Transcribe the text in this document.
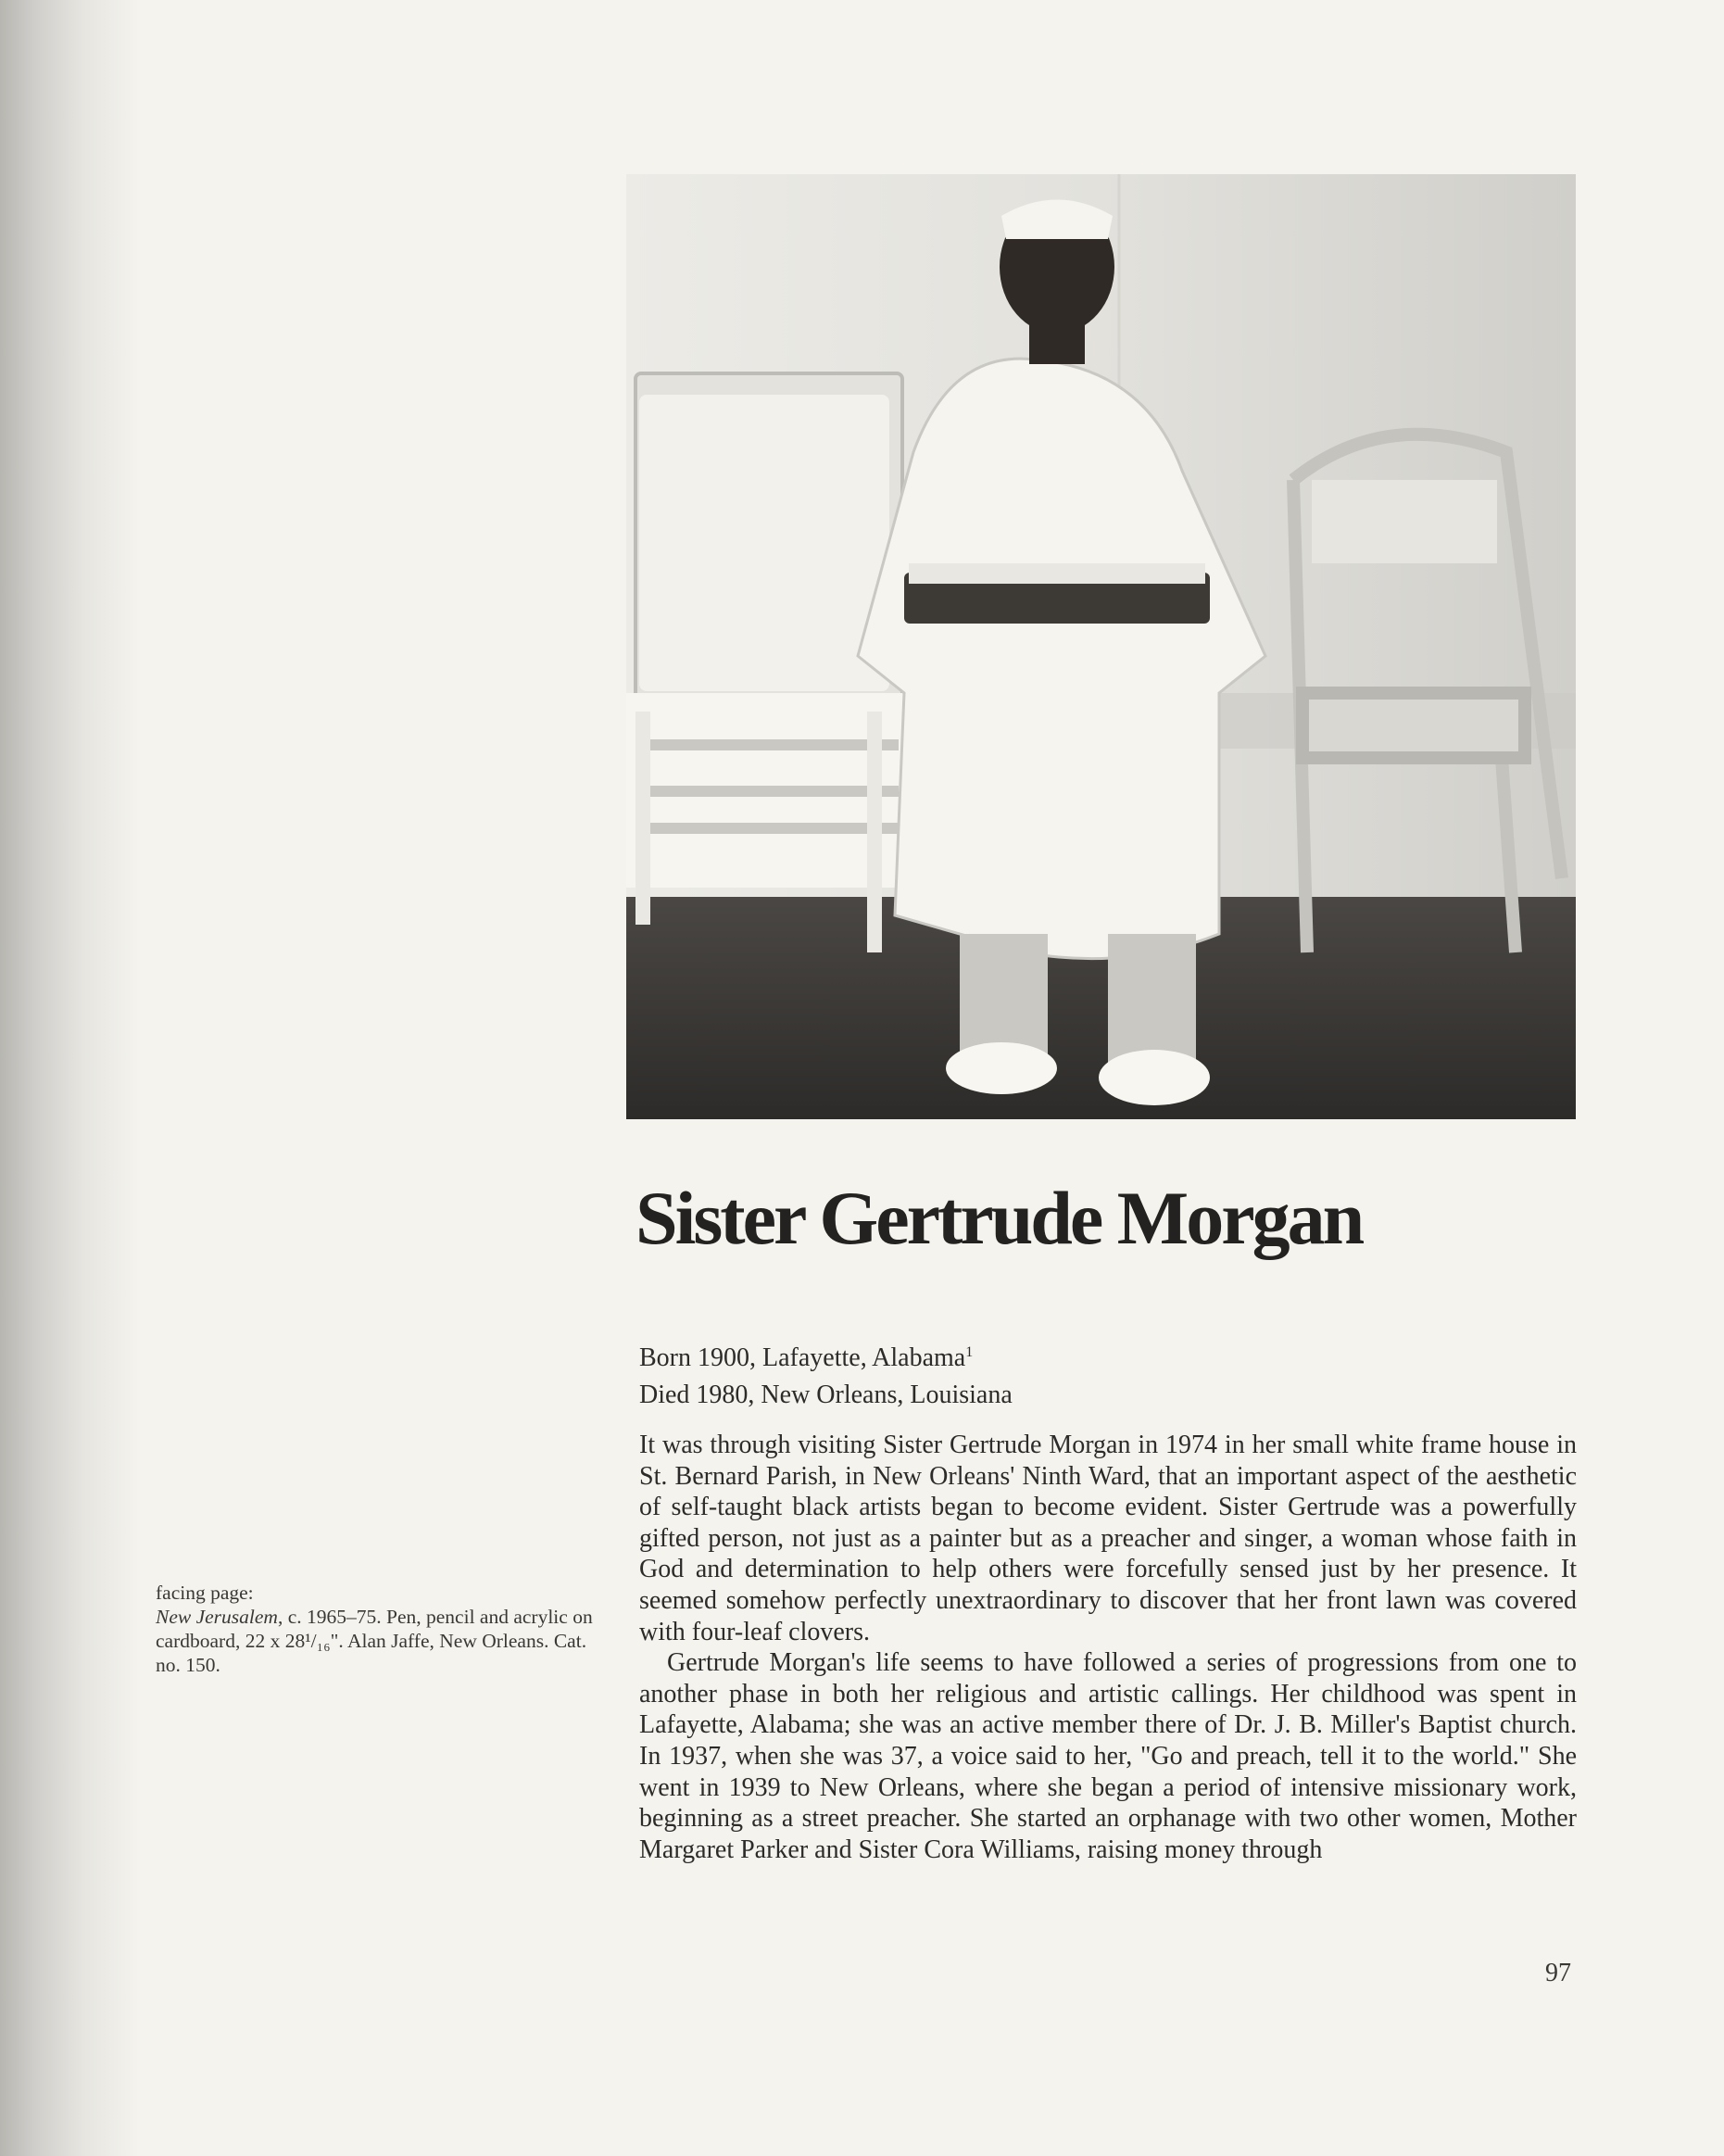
Sister Gertrude Morgan
Born 1900, Lafayette, Alabama$^1$
Died 1980, New Orleans, Louisiana
facing page:
New Jerusalem, c. 1965–75. Pen, pencil and acrylic on cardboard, 22 x 28¹/₁₆". Alan Jaffe, New Orleans. Cat. no. 150.

It was through visiting Sister Gertrude Morgan in 1974 in her small white frame house in St. Bernard Parish, in New Orleans' Ninth Ward, that an important aspect of the aesthetic of self-taught black artists began to become evident. Sister Gertrude was a powerfully gifted person, not just as a painter but as a preacher and singer, a woman whose faith in God and determination to help others were forcefully sensed just by her presence. It seemed somehow perfectly unextraordinary to discover that her front lawn was covered with four-leaf clovers.

Gertrude Morgan's life seems to have followed a series of progressions from one to another phase in both her religious and artistic callings. Her childhood was spent in Lafayette, Alabama; she was an active member there of Dr. J. B. Miller's Baptist church. In 1937, when she was 37, a voice said to her, "Go and preach, tell it to the world." She went in 1939 to New Orleans, where she began a period of intensive missionary work, beginning as a street preacher. She started an orphanage with two other women, Mother Margaret Parker and Sister Cora Williams, raising money through

97
